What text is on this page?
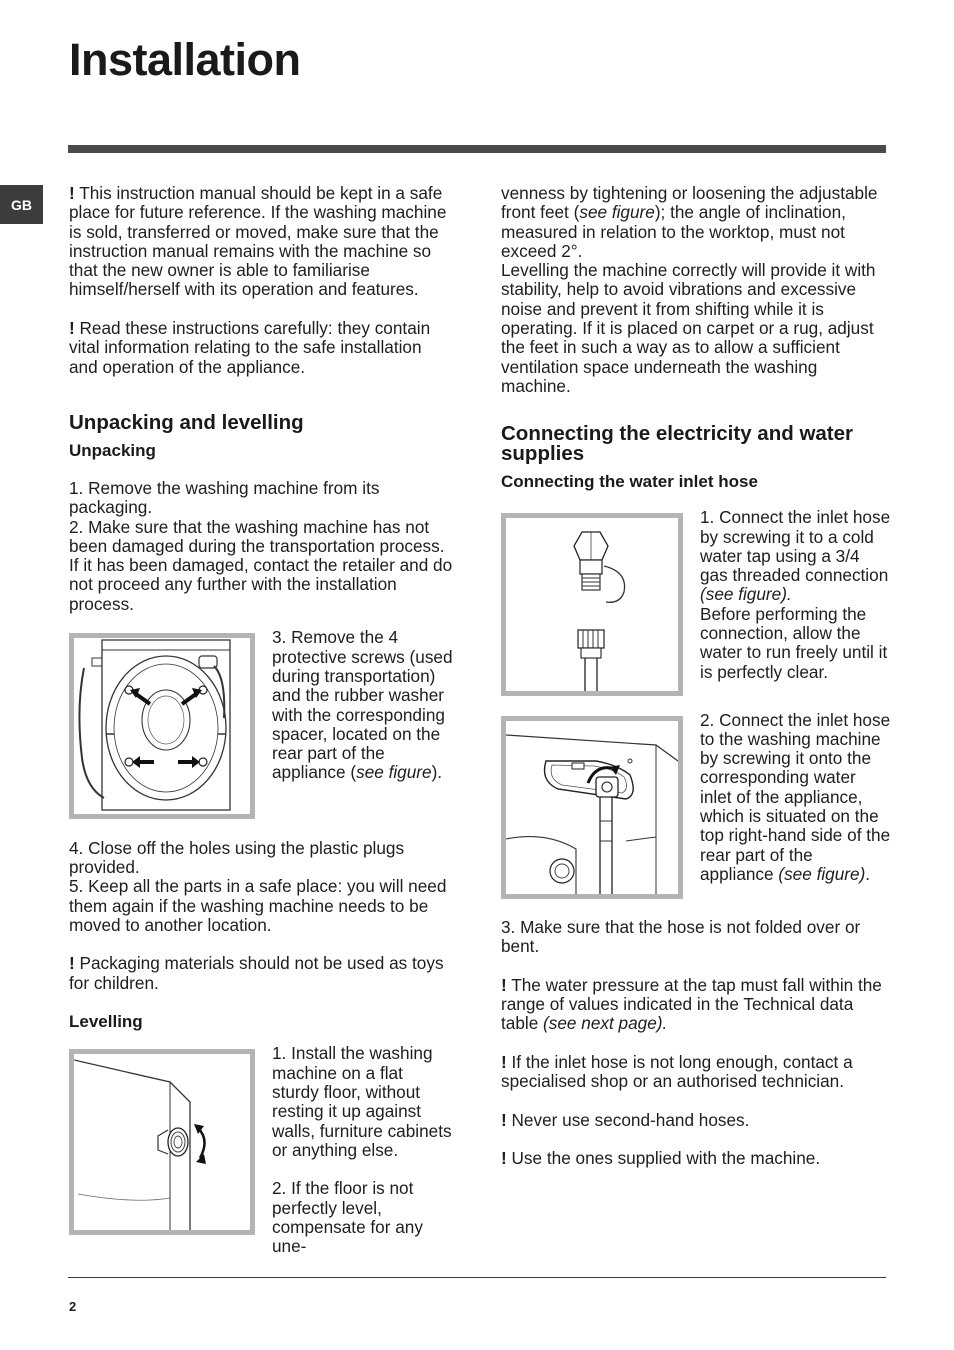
Installation
GB

! This instruction manual should be kept in a safe place for future reference. If the washing machine is sold, transferred or moved, make sure that the instruction manual remains with the machine so that the new owner is able to familiarise himself/herself with its operation and features.

! Read these instructions carefully: they contain vital information relating to the safe installation and operation of the appliance.

Unpacking and levelling
Unpacking

1. Remove the washing machine from its packaging.

2. Make sure that the washing machine has not been damaged during the transportation process. If it has been damaged, contact the retailer and do not proceed any further with the installation process.

3. Remove the 4 protective screws (used during transportation) and the rubber washer with the corresponding spacer, located on the rear part of the appliance (see figure).

4. Close off the holes using the plastic plugs provided.

5. Keep all the parts in a safe place: you will need them again if the washing machine needs to be moved to another location.

! Packaging materials should not be used as toys for children.

Levelling

1. Install the washing machine on a flat sturdy floor, without resting it up against walls, furniture cabinets or anything else.

2. If the floor is not perfectly level, compensate for any une-

venness by tightening or loosening the adjustable front feet (see figure); the angle of inclination, measured in relation to the worktop, must not exceed 2°.

Levelling the machine correctly will provide it with stability, help to avoid vibrations and excessive noise and prevent it from shifting while it is operating. If it is placed on carpet or a rug, adjust the feet in such a way as to allow a sufficient ventilation space underneath the washing machine.

Connecting the electricity and water supplies
Connecting the water inlet hose

1. Connect the inlet hose by screwing it to a cold water tap using a 3/4 gas threaded connection (see figure).

Before performing the connection, allow the water to run freely until it is perfectly clear.

2. Connect the inlet hose to the washing machine by screwing it onto the corresponding water inlet of the appliance, which is situated on the top right-hand side of the rear part of the appliance (see figure).

3. Make sure that the hose is not folded over or bent.

! The water pressure at the tap must fall within the range of values indicated in the Technical data table (see next page).

! If the inlet hose is not long enough, contact a specialised shop or an authorised technician.

! Never use second-hand hoses.

! Use the ones supplied with the machine.

2
